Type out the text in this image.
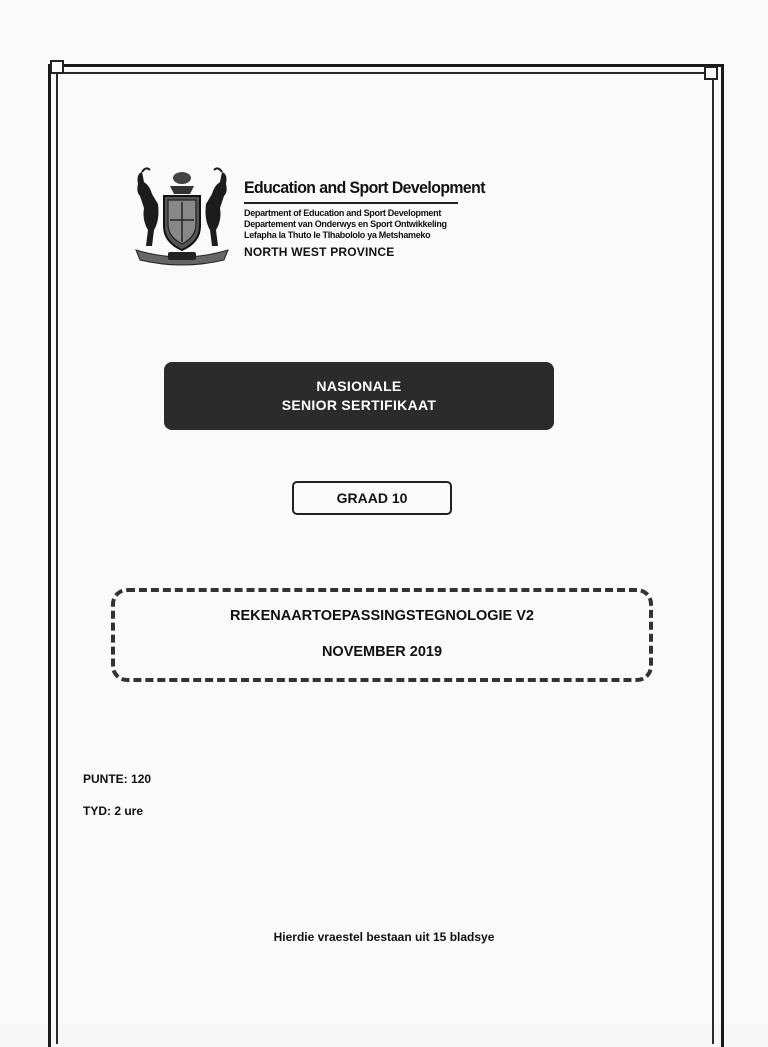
Education and Sport Development
Department of Education and Sport Development
Departement van Onderwys en Sport Ontwikkeling
Lefapha la Thuto le Tlhabololo ya Metshameko
NORTH WEST PROVINCE
NASIONALE
SENIOR SERTIFIKAAT
GRAAD 10
REKENAARTOEPASSINGSTEGNOLOGIE V2
NOVEMBER 2019
PUNTE: 120
TYD: 2 ure
Hierdie vraestel bestaan uit 15 bladsye
